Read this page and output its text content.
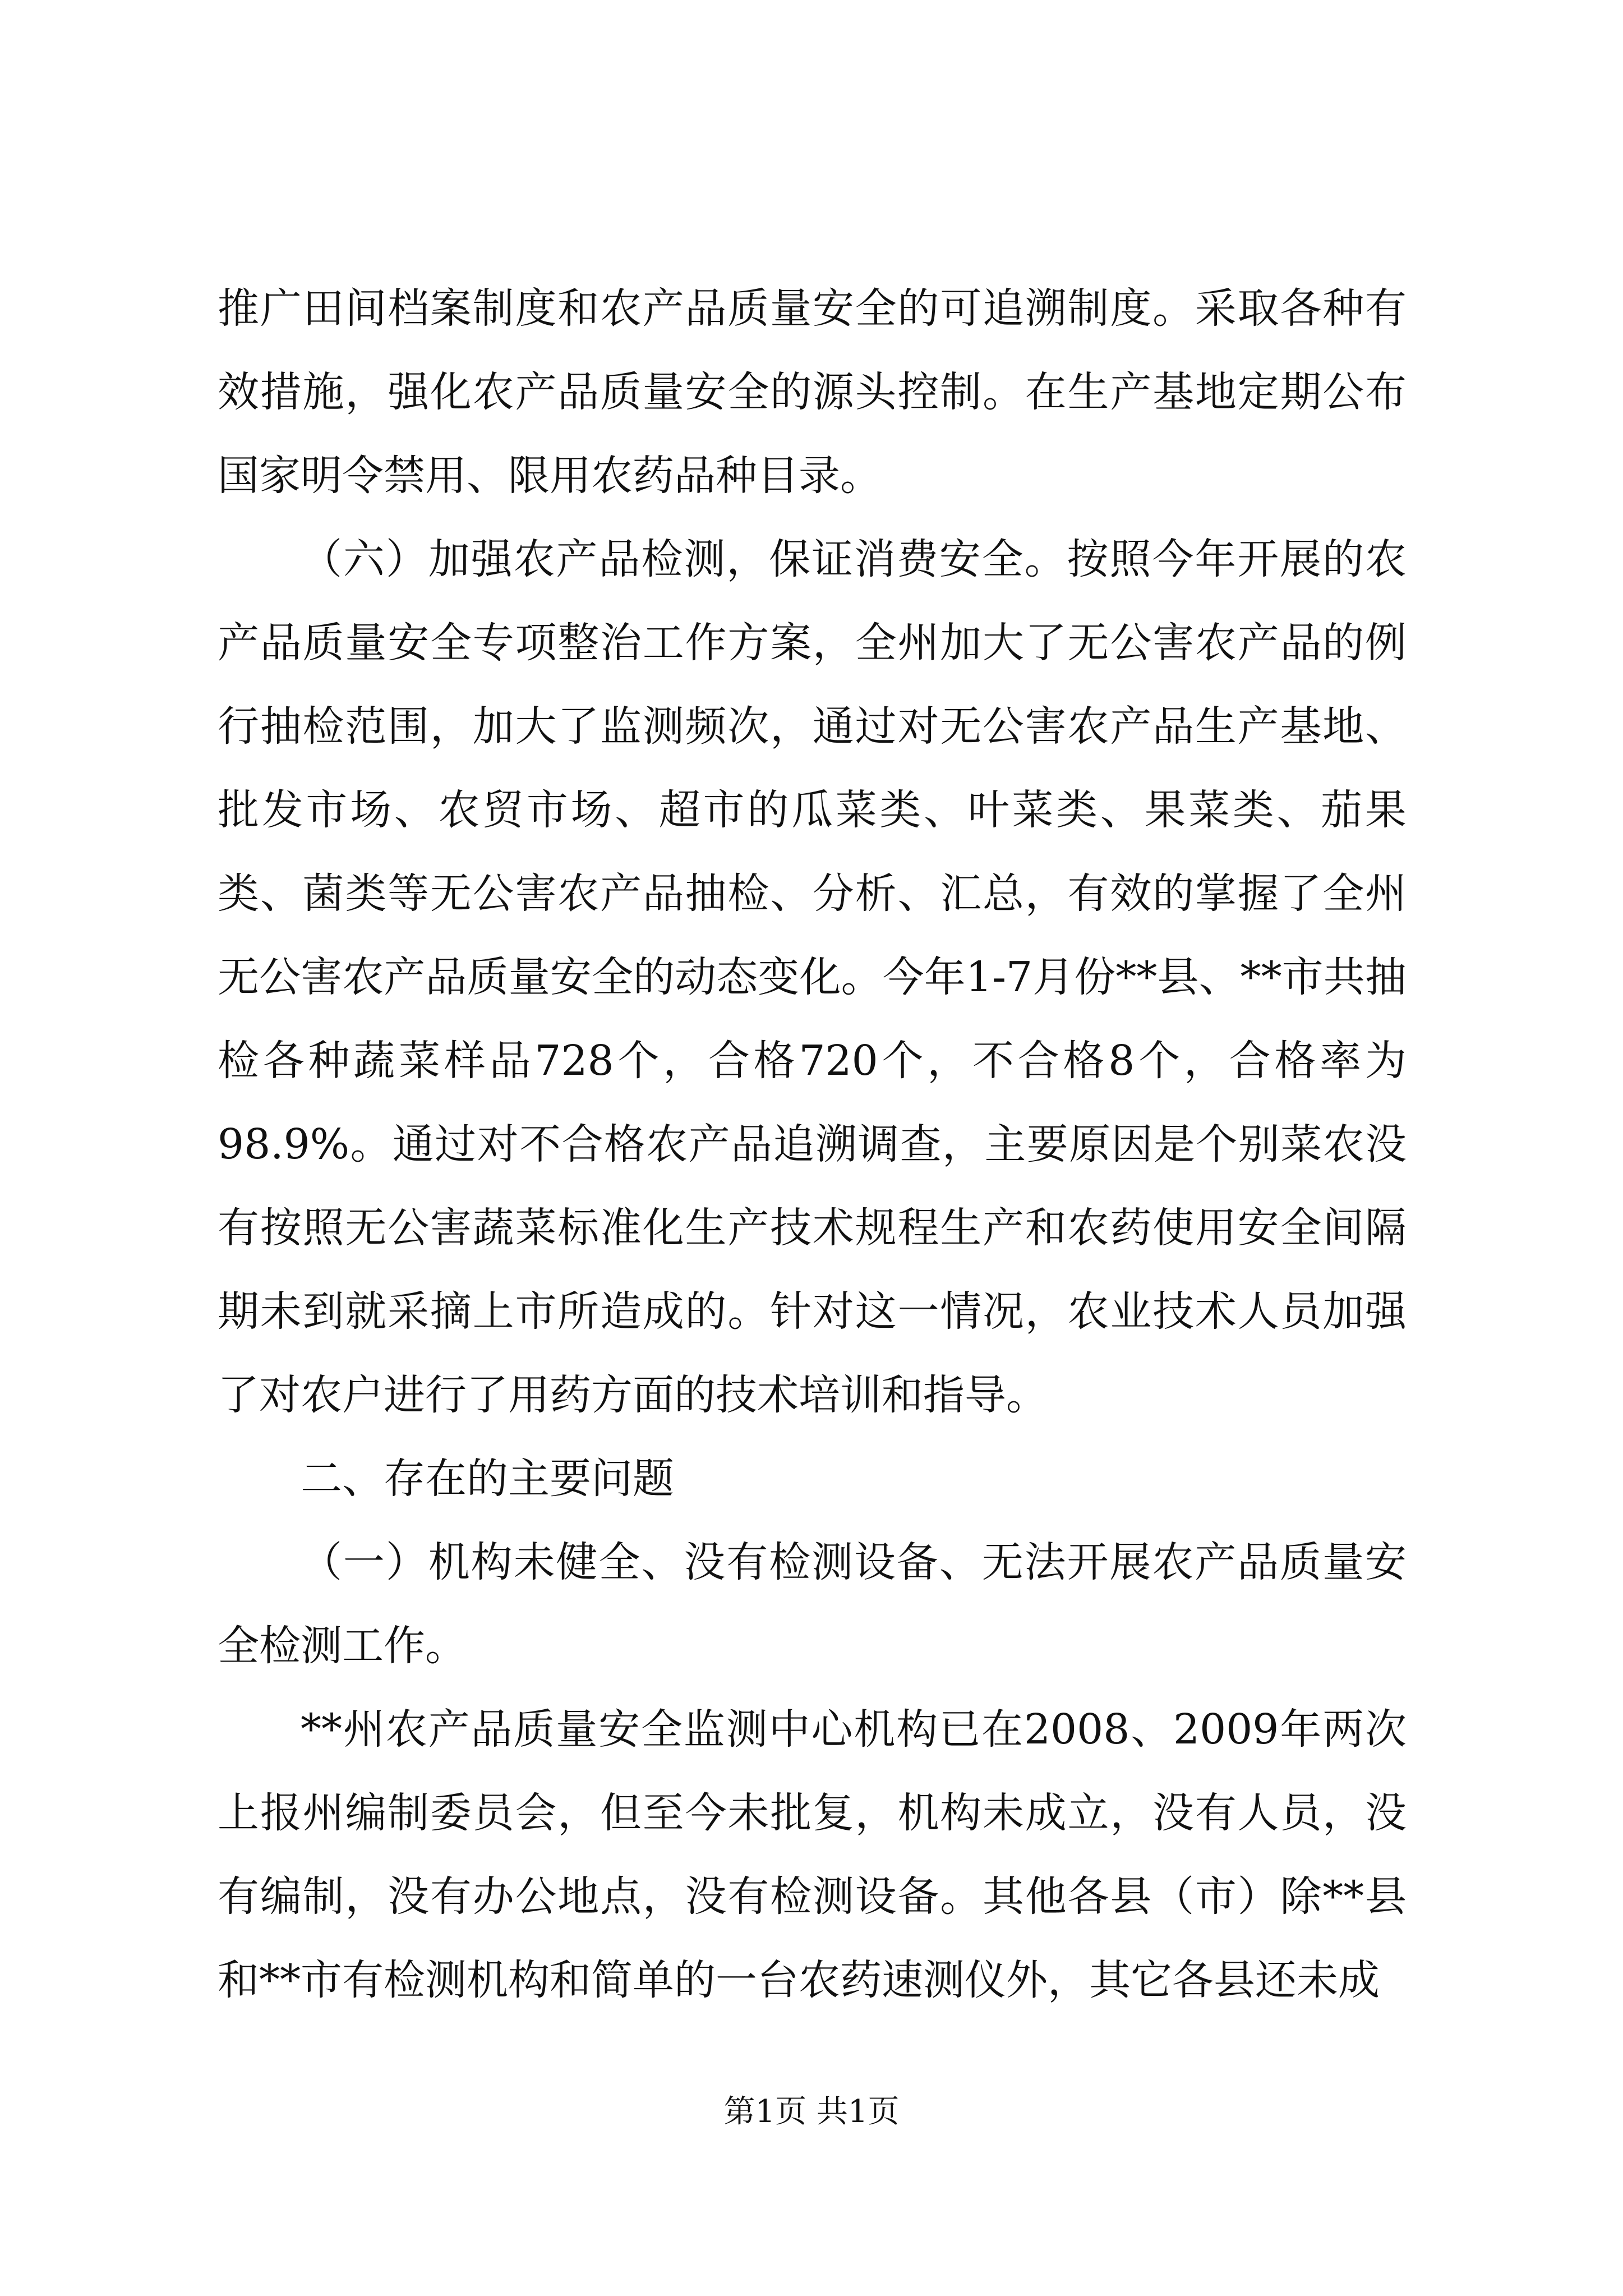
推广田间档案制度和农产品质量安全的可追溯制度。采取各种有效措施，强化农产品质量安全的源头控制。在生产基地定期公布国家明令禁用、限用农药品种目录。

（六）加强农产品检测，保证消费安全。按照今年开展的农产品质量安全专项整治工作方案，全州加大了无公害农产品的例行抽检范围，加大了监测频次，通过对无公害农产品生产基地、批发市场、农贸市场、超市的瓜菜类、叶菜类、果菜类、茄果类、菌类等无公害农产品抽检、分析、汇总，有效的掌握了全州无公害农产品质量安全的动态变化。今年1-7月份**县、**市共抽检各种蔬菜样品728个，合格720个，不合格8个，合格率为98.9%。通过对不合格农产品追溯调查，主要原因是个别菜农没有按照无公害蔬菜标准化生产技术规程生产和农药使用安全间隔期未到就采摘上市所造成的。针对这一情况，农业技术人员加强了对农户进行了用药方面的技术培训和指导。

二、存在的主要问题

（一）机构未健全、没有检测设备、无法开展农产品质量安全检测工作。

**州农产品质量安全监测中心机构已在2008、2009年两次上报州编制委员会，但至今未批复，机构未成立，没有人员，没有编制，没有办公地点，没有检测设备。其他各县（市）除**县和**市有检测机构和简单的一台农药速测仪外，其它各县还未成

第1页 共1页
